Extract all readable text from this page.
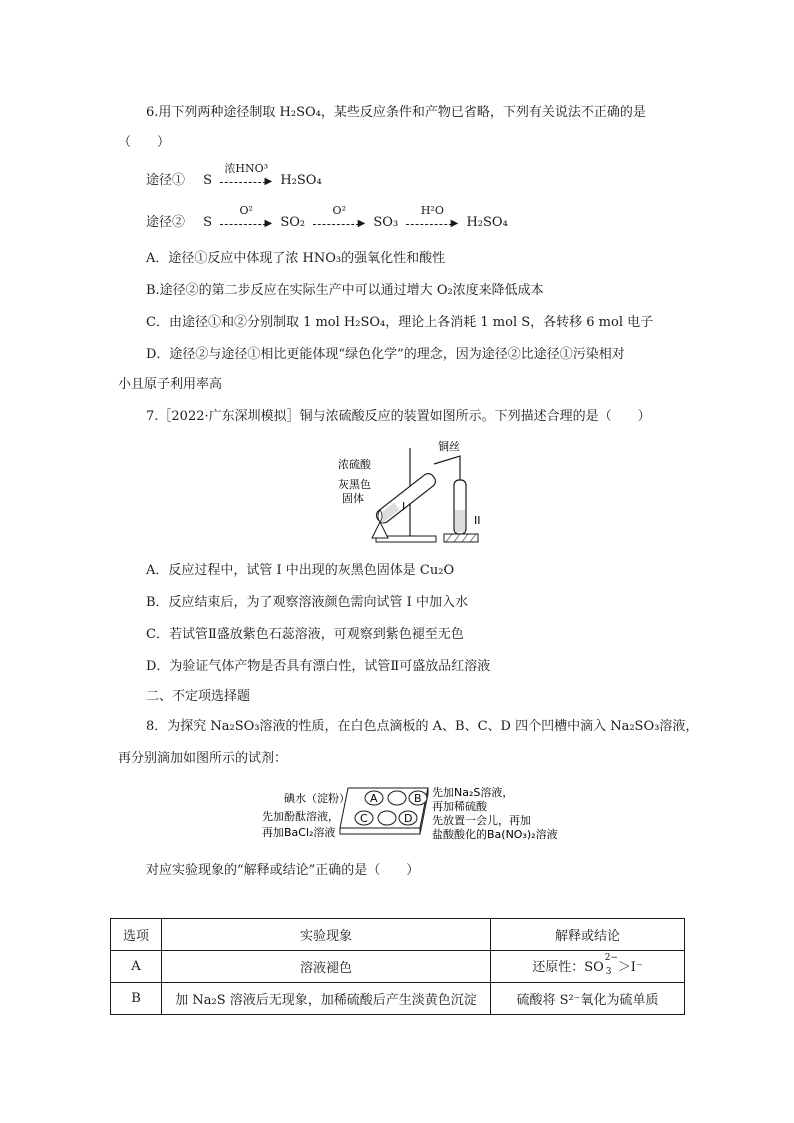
6.用下列两种途径制取 H₂SO₄，某些反应条件和产物已省略，下列有关说法不正确的是
（　　）
途径① S
浓HNO³
▶ H₂SO₄
途径② S
O²
▶ SO₂
O²
▶ SO₃
H²O
▶ H₂SO₄
A．途径①反应中体现了浓 HNO₃的强氧化性和酸性
B.途径②的第二步反应在实际生产中可以通过增大 O₂浓度来降低成本
C．由途径①和②分别制取 1 mol H₂SO₄，理论上各消耗 1 mol S，各转移 6 mol 电子
D．途径②与途径①相比更能体现“绿色化学”的理念，因为途径②比途径①污染相对
小且原子利用率高
7.［2022·广东深圳模拟］铜与浓硫酸反应的装置如图所示。下列描述合理的是（　　）
铜丝
浓硫酸
灰黑色
固体
I
II
A．反应过程中，试管 I 中出现的灰黑色固体是 Cu₂O
B．反应结束后，为了观察溶液颜色需向试管 I 中加入水
C．若试管Ⅱ盛放紫色石蕊溶液，可观察到紫色褪至无色
D．为验证气体产物是否具有漂白性，试管Ⅱ可盛放品红溶液
二、不定项选择题
8．为探究 Na₂SO₃溶液的性质，在白色点滴板的 A、B、C、D 四个凹槽中滴入 Na₂SO₃溶液，
再分别滴加如图所示的试剂：
A	B
C	D
碘水（淀粉）
先加酚酞溶液，
再加BaCl₂溶液
先加Na₂S溶液，
再加稀硫酸
先放置一会儿，再加
盐酸酸化的Ba(NO₃)₂溶液
对应实验现象的“解释或结论”正确的是（　　）
选项	实验现象	解释或结论
A	溶液褪色	还原性：SO
2−
3 ＞I⁻
B	加 Na₂S 溶液后无现象，加稀硫酸后产生淡黄色沉淀	硫酸将 S²⁻氧化为硫单质
